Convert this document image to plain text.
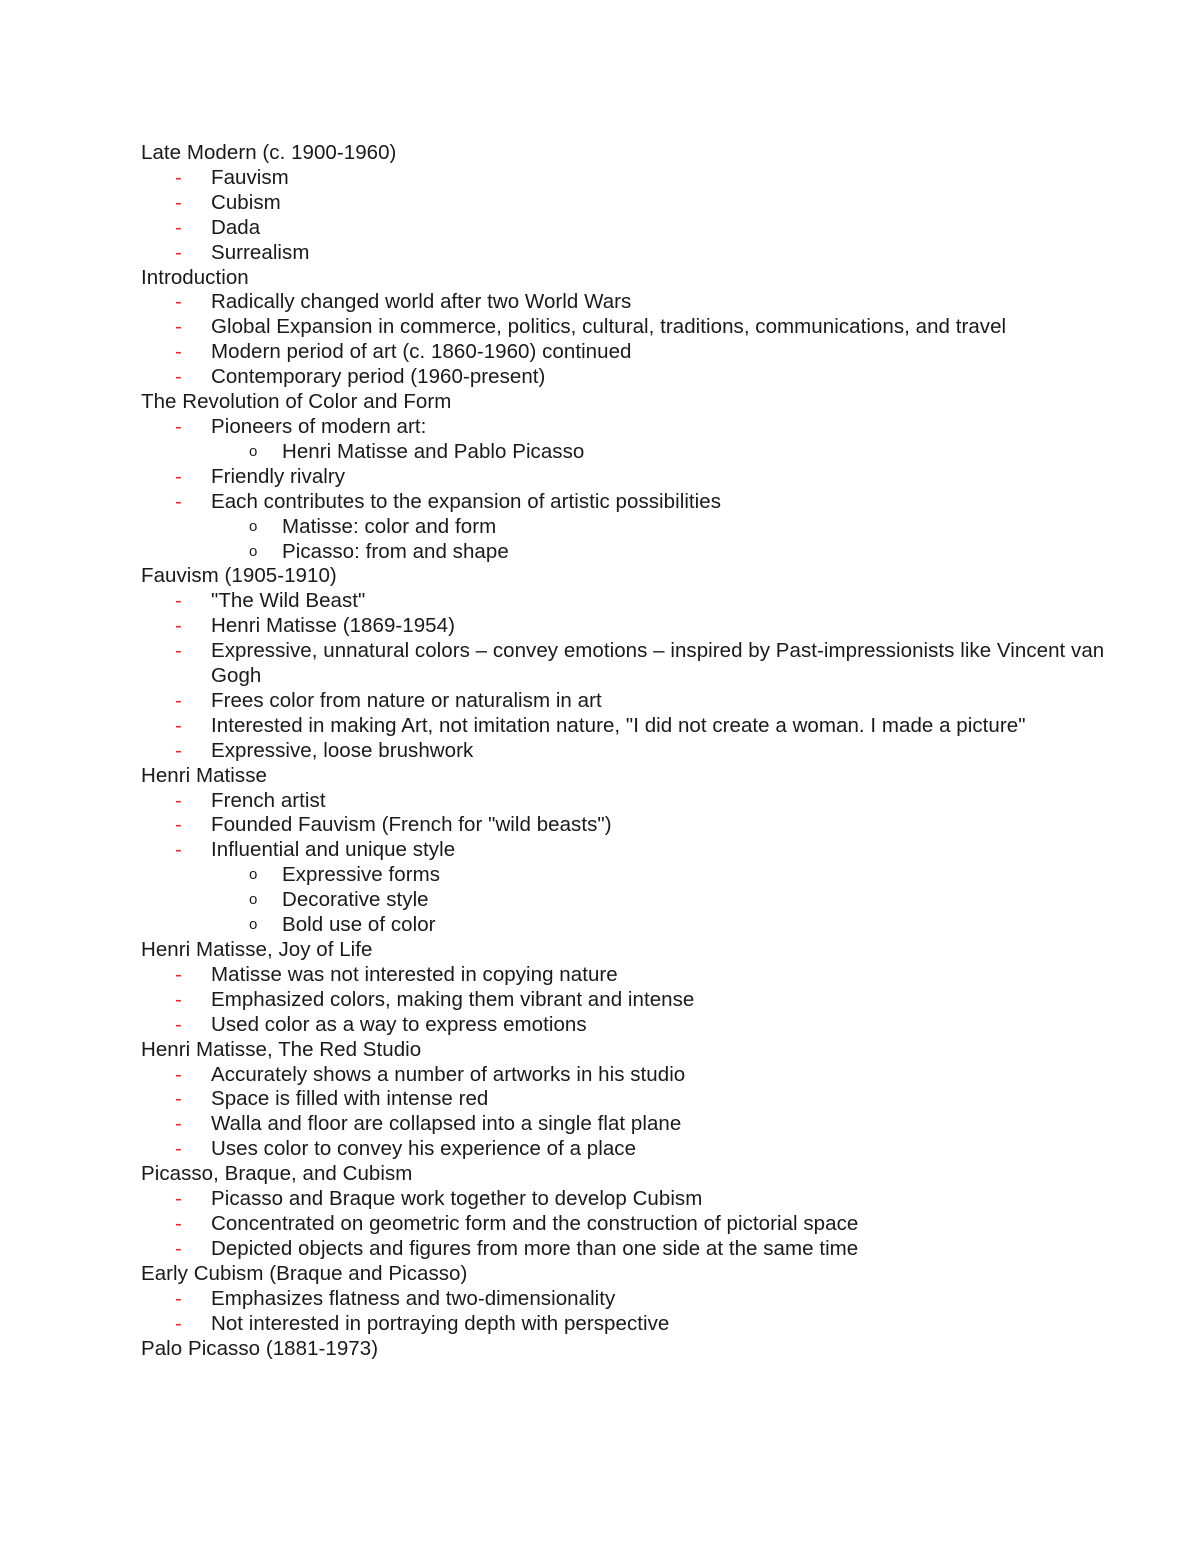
Late Modern (c. 1900-1960)

- Fauvism

- Cubism

- Dada

- Surrealism

Introduction

- Radically changed world after two World Wars

- Global Expansion in commerce, politics, cultural, traditions, communications, and travel

- Modern period of art (c. 1860-1960) continued

- Contemporary period (1960-present)

The Revolution of Color and Form

- Pioneers of modern art:

o Henri Matisse and Pablo Picasso

- Friendly rivalry

- Each contributes to the expansion of artistic possibilities

o Matisse: color and form

o Picasso: from and shape

Fauvism (1905-1910)

- "The Wild Beast"

- Henri Matisse (1869-1954)

- Expressive, unnatural colors – convey emotions – inspired by Past-impressionists like Vincent van Gogh

- Frees color from nature or naturalism in art

- Interested in making Art, not imitation nature, "I did not create a woman. I made a picture"

- Expressive, loose brushwork

Henri Matisse

- French artist

- Founded Fauvism (French for "wild beasts")

- Influential and unique style

o Expressive forms

o Decorative style

o Bold use of color

Henri Matisse, Joy of Life

- Matisse was not interested in copying nature

- Emphasized colors, making them vibrant and intense

- Used color as a way to express emotions

Henri Matisse, The Red Studio

- Accurately shows a number of artworks in his studio

- Space is filled with intense red

- Walla and floor are collapsed into a single flat plane

- Uses color to convey his experience of a place

Picasso, Braque, and Cubism

- Picasso and Braque work together to develop Cubism

- Concentrated on geometric form and the construction of pictorial space

- Depicted objects and figures from more than one side at the same time

Early Cubism (Braque and Picasso)

- Emphasizes flatness and two-dimensionality

- Not interested in portraying depth with perspective

Palo Picasso (1881-1973)
